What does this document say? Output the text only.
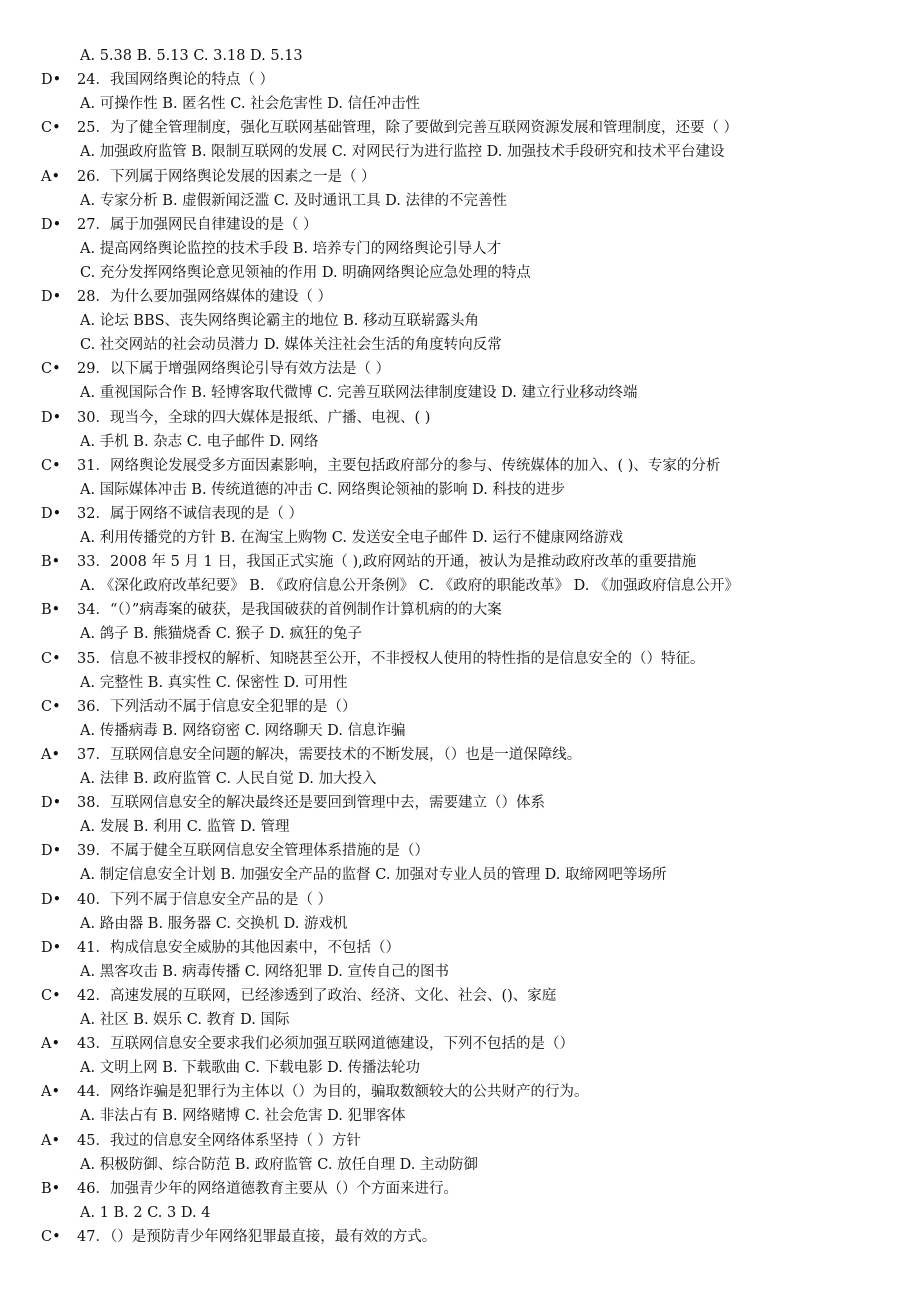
A. 5.38 B. 5.13 C. 3.18 D. 5.13
D• 24．我国网络舆论的特点（ ）
A. 可操作性 B. 匿名性 C. 社会危害性 D. 信任冲击性
C• 25．为了健全管理制度，强化互联网基础管理，除了要做到完善互联网资源发展和管理制度，还要（ ）
A. 加强政府监管 B. 限制互联网的发展 C. 对网民行为进行监控 D. 加强技术手段研究和技术平台建设
A• 26．下列属于网络舆论发展的因素之一是（ ）
A. 专家分析 B. 虚假新闻泛滥 C. 及时通讯工具 D. 法律的不完善性
D• 27．属于加强网民自律建设的是（ ）
A. 提高网络舆论监控的技术手段 B. 培养专门的网络舆论引导人才
C. 充分发挥网络舆论意见领袖的作用 D. 明确网络舆论应急处理的特点
D• 28．为什么要加强网络媒体的建设（ ）
A. 论坛 BBS、丧失网络舆论霸主的地位 B. 移动互联崭露头角
C. 社交网站的社会动员潜力 D. 媒体关注社会生活的角度转向反常
C• 29．以下属于增强网络舆论引导有效方法是（ ）
A. 重视国际合作 B. 轻博客取代微博 C. 完善互联网法律制度建设 D. 建立行业移动终端
D• 30．现当今，全球的四大媒体是报纸、广播、电视、( )
A. 手机 B. 杂志 C. 电子邮件 D. 网络
C• 31．网络舆论发展受多方面因素影响，主要包括政府部分的参与、传统媒体的加入、( )、专家的分析
A. 国际媒体冲击 B. 传统道德的冲击 C. 网络舆论领袖的影响 D. 科技的进步
D• 32．属于网络不诚信表现的是（ ）
A. 利用传播党的方针 B. 在淘宝上购物 C. 发送安全电子邮件 D. 运行不健康网络游戏
B• 33．2008 年 5 月 1 日，我国正式实施（ ),政府网站的开通，被认为是推动政府改革的重要措施
A. 《深化政府改革纪要》 B. 《政府信息公开条例》 C. 《政府的职能改革》 D. 《加强政府信息公开》
B• 34．“（）”病毒案的破获，是我国破获的首例制作计算机病的的大案
A. 鸽子 B. 熊猫烧香 C. 猴子 D. 疯狂的兔子
C• 35．信息不被非授权的解析、知晓甚至公开，不非授权人使用的特性指的是信息安全的（）特征。
A. 完整性 B. 真实性 C. 保密性 D. 可用性
C• 36．下列活动不属于信息安全犯罪的是（）
A. 传播病毒 B. 网络窃密 C. 网络聊天 D. 信息诈骗
A• 37．互联网信息安全问题的解决，需要技术的不断发展，（）也是一道保障线。
A. 法律 B. 政府监管 C. 人民自觉 D. 加大投入
D• 38．互联网信息安全的解决最终还是要回到管理中去，需要建立（）体系
A. 发展 B. 利用 C. 监管 D. 管理
D• 39．不属于健全互联网信息安全管理体系措施的是（）
A. 制定信息安全计划 B. 加强安全产品的监督 C. 加强对专业人员的管理 D. 取缔网吧等场所
D• 40．下列不属于信息安全产品的是（ ）
A. 路由器 B. 服务器 C. 交换机 D. 游戏机
D• 41．构成信息安全威胁的其他因素中，不包括（）
A. 黑客攻击 B. 病毒传播 C. 网络犯罪 D. 宣传自己的图书
C• 42．高速发展的互联网，已经渗透到了政治、经济、文化、社会、()、家庭
A. 社区 B. 娱乐 C. 教育 D. 国际
A• 43．互联网信息安全要求我们必须加强互联网道德建设，下列不包括的是（）
A. 文明上网 B. 下载歌曲 C. 下载电影 D. 传播法轮功
A• 44．网络诈骗是犯罪行为主体以（）为目的，骗取数额较大的公共财产的行为。
A. 非法占有 B. 网络赌博 C. 社会危害 D. 犯罪客体
A• 45．我过的信息安全网络体系坚持（ ）方针
A. 积极防御、综合防范 B. 政府监管 C. 放任自理 D. 主动防御
B• 46．加强青少年的网络道德教育主要从（）个方面来进行。
A. 1 B. 2 C. 3 D. 4
C• 47．（）是预防青少年网络犯罪最直接，最有效的方式。
